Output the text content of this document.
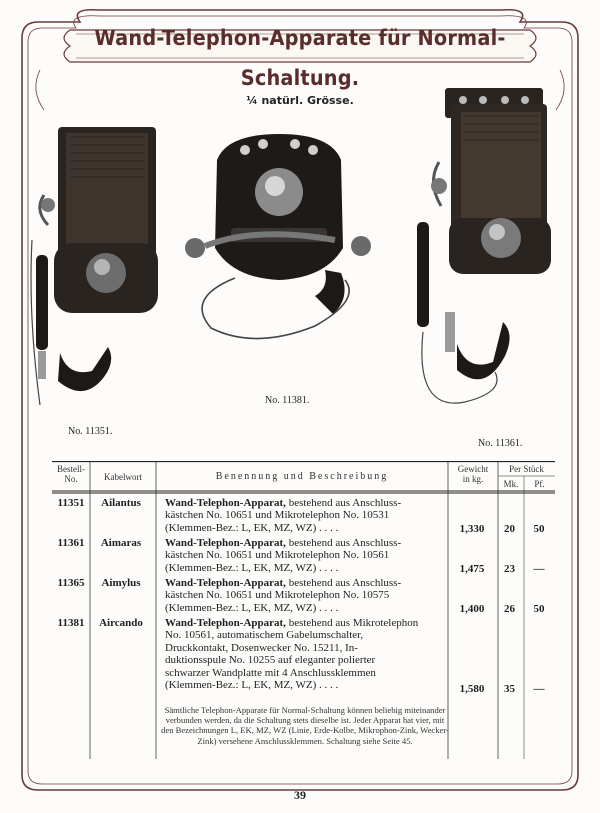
Wand-Telephon-Apparate für Normal-Schaltung.
¼ natürl. Grösse.
No. 11351.
No. 11381.
No. 11361.
Bestell-
No.	Kabelwort	Benennung und Beschreibung
Gewicht
in kg.
Per Stück
Mk.	Pf.
11351	Ailantus	Wand-Telephon-Apparat, bestehend aus Anschluss-
kästchen No. 10651 und Mikrotelephon No. 10531
(Klemmen-Bez.: L, EK, MZ, WZ) . . . .	1,330	20	50
11361	Aimaras	Wand-Telephon-Apparat, bestehend aus Anschluss-
kästchen No. 10651 und Mikrotelephon No. 10561
(Klemmen-Bez.: L, EK, MZ, WZ) . . . .	1,475	23	—
11365	Aimylus	Wand-Telephon-Apparat, bestehend aus Anschluss-
kästchen No. 10651 und Mikrotelephon No. 10575
(Klemmen-Bez.: L, EK, MZ, WZ) . . . .	1,400	26	50
11381	Aircando	Wand-Telephon-Apparat, bestehend aus Mikrotelephon
No. 10561, automatischem Gabelumschalter,
Druckkontakt, Dosenwecker No. 15211, In-
duktionsspule No. 10255 auf eleganter polierter
schwarzer Wandplatte mit 4 Anschlussklemmen
(Klemmen-Bez.: L, EK, MZ, WZ) . . . .	1,580	35	—
Sämtliche Telephon-Apparate für Normal-Schaltung können beliebig miteinander verbunden werden, da die Schaltung stets dieselbe ist. Jeder Apparat hat vier, mit den Bezeichnungen L, EK, MZ, WZ (Linie, Erde-Kolbe, Mikrophon-Zink, Wecker-Zink) versehene Anschlussklemmen. Schaltung siehe Seite 45.
39
